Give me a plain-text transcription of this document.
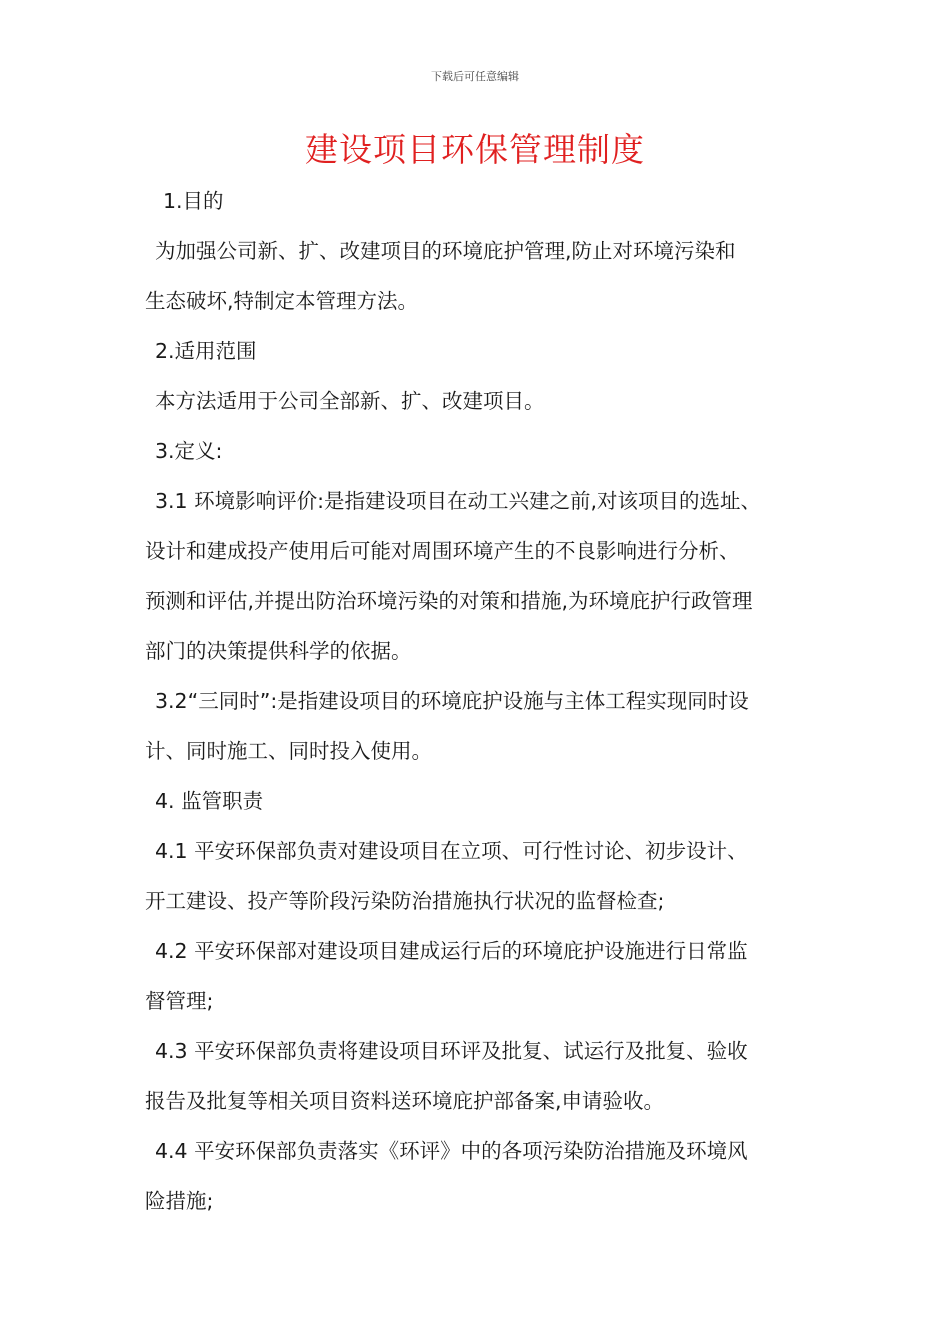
下载后可任意编辑
建设项目环保管理制度
1.目的
为加强公司新、扩、改建项目的环境庇护管理,防止对环境污染和
生态破坏,特制定本管理方法。
2.适用范围
本方法适用于公司全部新、扩、改建项目。
3.定义:
3.1 环境影响评价:是指建设项目在动工兴建之前,对该项目的选址、
设计和建成投产使用后可能对周围环境产生的不良影响进行分析、
预测和评估,并提出防治环境污染的对策和措施,为环境庇护行政管理
部门的决策提供科学的依据。
3.2“三同时”:是指建设项目的环境庇护设施与主体工程实现同时设
计、同时施工、同时投入使用。
4. 监管职责
4.1 平安环保部负责对建设项目在立项、可行性讨论、初步设计、
开工建设、投产等阶段污染防治措施执行状况的监督检查;
4.2 平安环保部对建设项目建成运行后的环境庇护设施进行日常监
督管理;
4.3 平安环保部负责将建设项目环评及批复、试运行及批复、验收
报告及批复等相关项目资料送环境庇护部备案,申请验收。
4.4 平安环保部负责落实《环评》中的各项污染防治措施及环境风
险措施;
